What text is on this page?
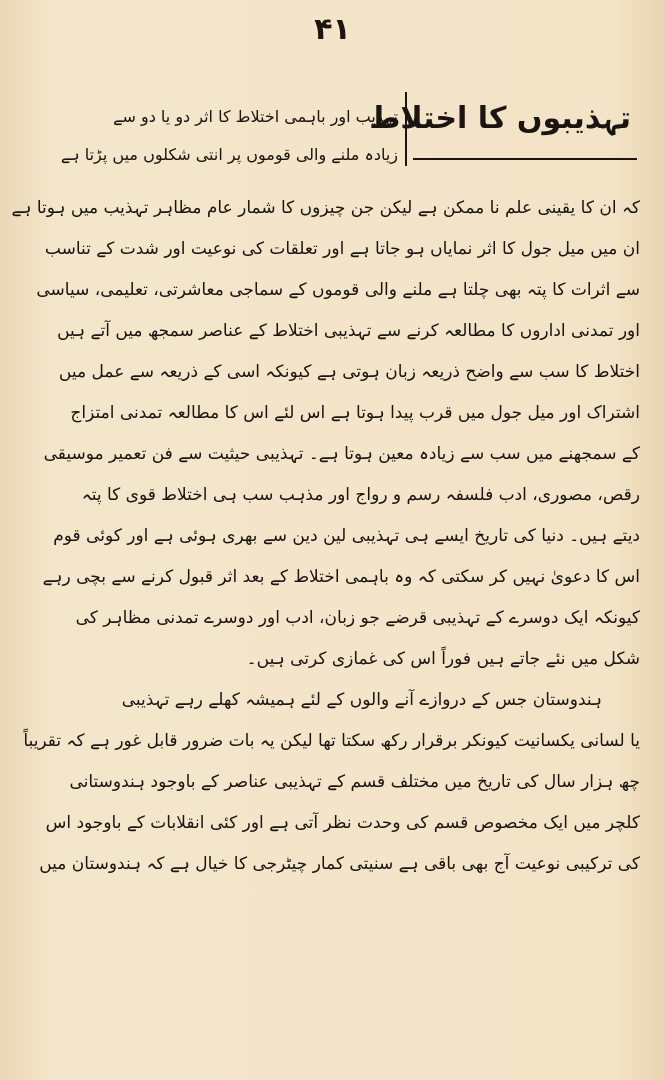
۴۱
تہذیبوں کا اختلاط
تہذیب اور باہمی اختلاط کا اثر دو یا دو سے
زیادہ ملنے والی قوموں پر انتی شکلوں میں پڑتا ہے
کہ ان کا یقینی علم نا ممکن ہے لیکن جن چیزوں کا شمار عام مظاہر تہذیب میں ہوتا ہے
ان میں میل جول کا اثر نمایاں ہو جاتا ہے اور تعلقات کی نوعیت اور شدت کے تناسب
سے اثرات کا پتہ بھی چلتا ہے ملنے والی قوموں کے سماجی معاشرتی، تعلیمی، سیاسی
اور تمدنی اداروں کا مطالعہ کرنے سے تہذیبی اختلاط کے عناصر سمجھ میں آتے ہیں
اختلاط کا سب سے واضح ذریعہ زبان ہوتی ہے کیونکہ اسی کے ذریعہ سے عمل میں
اشتراک اور میل جول میں قرب پیدا ہوتا ہے اس لئے اس کا مطالعہ تمدنی امتزاج
کے سمجھنے میں سب سے زیادہ معین ہوتا ہے۔ تہذیبی حیثیت سے فن تعمیر موسیقی
رقص، مصوری، ادب فلسفہ رسم و رواج اور مذہب سب ہی اختلاط قوی کا پتہ
دیتے ہیں۔ دنیا کی تاریخ ایسے ہی تہذیبی لین دین سے بھری ہوئی ہے اور کوئی قوم
اس کا دعویٰ نہیں کر سکتی کہ وہ باہمی اختلاط کے بعد اثر قبول کرنے سے بچی رہے
کیونکہ ایک دوسرے کے تہذیبی قرضے جو زبان، ادب اور دوسرے تمدنی مظاہر کی
شکل میں نئے جاتے ہیں فوراً اس کی غمازی کرتی ہیں۔
ہندوستان جس کے دروازے آنے والوں کے لئے ہمیشہ کھلے رہے تہذیبی
یا لسانی یکسانیت کیونکر برقرار رکھ سکتا تھا لیکن یہ بات ضرور قابل غور ہے کہ تقریباً
چھ ہزار سال کی تاریخ میں مختلف قسم کے تہذیبی عناصر کے باوجود ہندوستانی
کلچر میں ایک مخصوص قسم کی وحدت نظر آتی ہے اور کئی انقلابات کے باوجود اس
کی ترکیبی نوعیت آج بھی باقی ہے سنیتی کمار چیٹرجی کا خیال ہے کہ ہندوستان میں
